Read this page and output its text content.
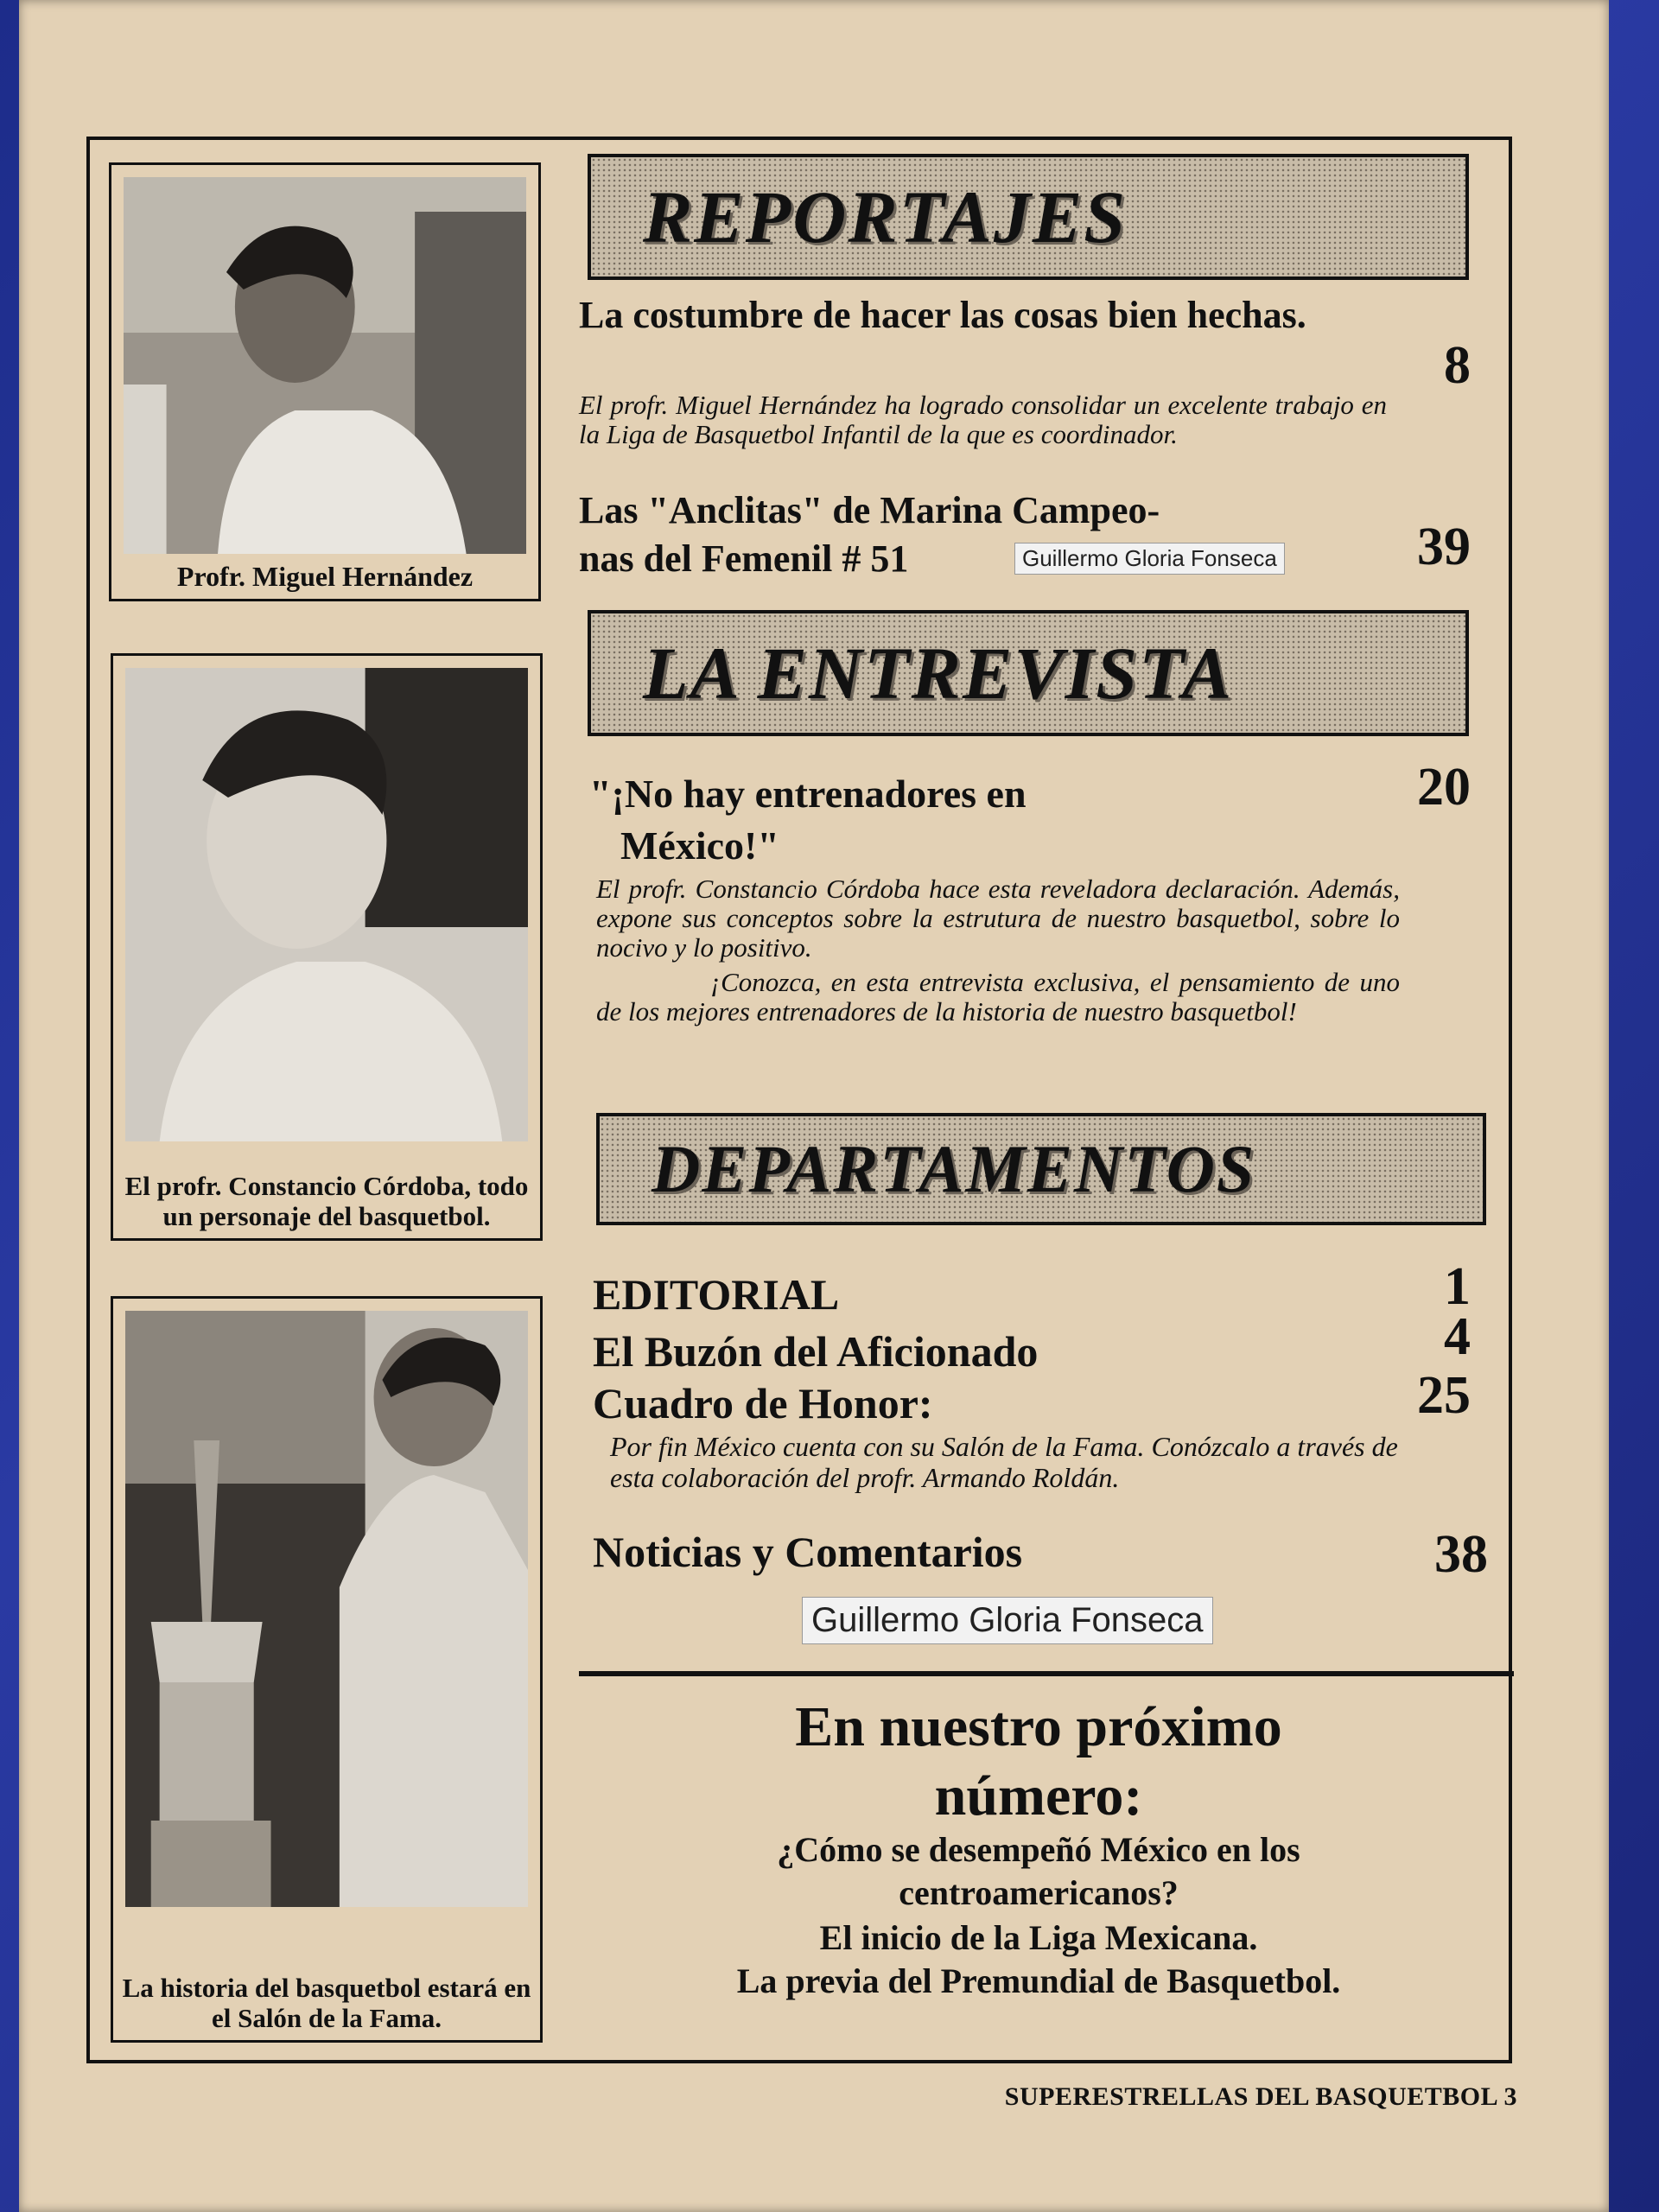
Profr. Miguel Hernández
El profr. Constancio Córdoba, todo un personaje del basquetbol.
La historia del basquetbol estará en el Salón de la Fama.
REPORTAJES
La costumbre de hacer las cosas bien hechas.
8
El profr. Miguel Hernández ha logrado consolidar un excelente trabajo en la Liga de Basquetbol Infantil de la que es coordinador.
Las "Anclitas" de Marina Campeo-
nas del Femenil # 51	Guillermo Gloria Fonseca	39
LA ENTREVISTA
"¡No hay entrenadores en
México!"
20
El profr. Constancio Córdoba hace esta reveladora declaración. Además, expone sus conceptos sobre la estrutura de nuestro basquetbol, sobre lo nocivo y lo positivo.
¡Conozca, en esta entrevista exclusiva, el pensamiento de uno de los mejores entrenadores de la historia de nuestro basquetbol!
DEPARTAMENTOS
EDITORIAL	1
El Buzón del Aficionado	4
Cuadro de Honor:	25
Por fin México cuenta con su Salón de la Fama. Conózcalo a través de esta colaboración del profr. Armando Roldán.
Noticias y Comentarios	38
Guillermo Gloria Fonseca
En nuestro próximo
número:
¿Cómo se desempeñó México en los
centroamericanos?
El inicio de la Liga Mexicana.
La previa del Premundial de Basquetbol.
SUPERESTRELLAS DEL BASQUETBOL 3
